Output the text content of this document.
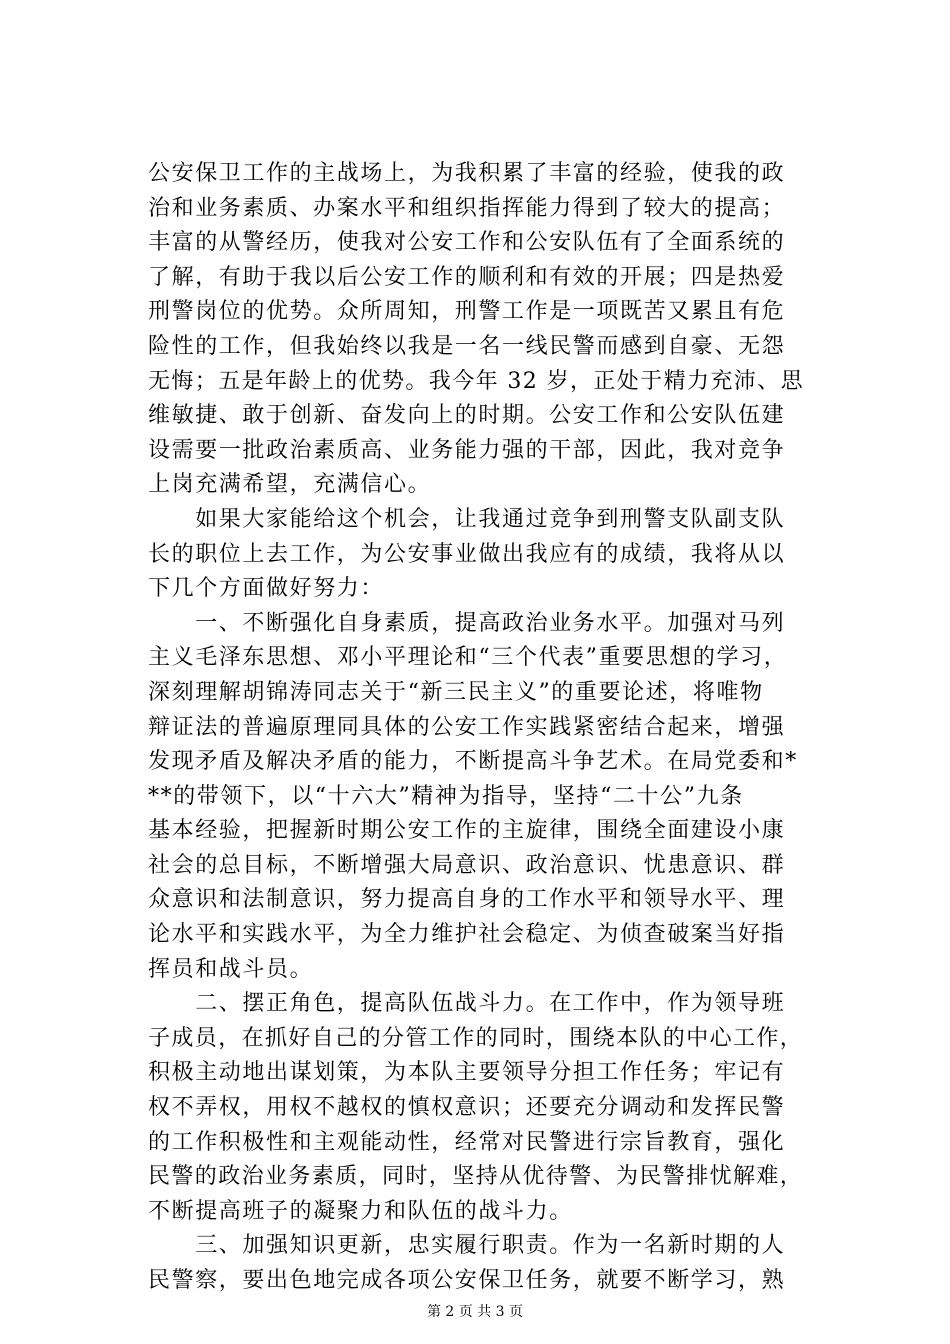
公安保卫工作的主战场上，为我积累了丰富的经验，使我的政
治和业务素质、办案水平和组织指挥能力得到了较大的提高；
丰富的从警经历，使我对公安工作和公安队伍有了全面系统的
了解，有助于我以后公安工作的顺利和有效的开展；四是热爱
刑警岗位的优势。众所周知，刑警工作是一项既苦又累且有危
险性的工作，但我始终以我是一名一线民警而感到自豪、无怨
无悔；五是年龄上的优势。我今年 32 岁，正处于精力充沛、思
维敏捷、敢于创新、奋发向上的时期。公安工作和公安队伍建
设需要一批政治素质高、业务能力强的干部，因此，我对竞争
上岗充满希望，充满信心。
　　如果大家能给这个机会，让我通过竞争到刑警支队副支队
长的职位上去工作，为公安事业做出我应有的成绩，我将从以
下几个方面做好努力：
　　一、不断强化自身素质，提高政治业务水平。加强对马列
主义毛泽东思想、邓小平理论和“三个代表”重要思想的学习，
深刻理解胡锦涛同志关于“新三民主义”的重要论述，将唯物
辩证法的普遍原理同具体的公安工作实践紧密结合起来，增强
发现矛盾及解决矛盾的能力，不断提高斗争艺术。在局党委和*
**的带领下，以“十六大”精神为指导，坚持“二十公”九条
基本经验，把握新时期公安工作的主旋律，围绕全面建设小康
社会的总目标，不断增强大局意识、政治意识、忧患意识、群
众意识和法制意识，努力提高自身的工作水平和领导水平、理
论水平和实践水平，为全力维护社会稳定、为侦查破案当好指
挥员和战斗员。
　　二、摆正角色，提高队伍战斗力。在工作中，作为领导班
子成员，在抓好自己的分管工作的同时，围绕本队的中心工作，
积极主动地出谋划策，为本队主要领导分担工作任务；牢记有
权不弄权，用权不越权的慎权意识；还要充分调动和发挥民警
的工作积极性和主观能动性，经常对民警进行宗旨教育，强化
民警的政治业务素质，同时，坚持从优待警、为民警排忧解难，
不断提高班子的凝聚力和队伍的战斗力。
　　三、加强知识更新，忠实履行职责。作为一名新时期的人
民警察，要出色地完成各项公安保卫任务，就要不断学习，熟
第 2 页 共 3 页
